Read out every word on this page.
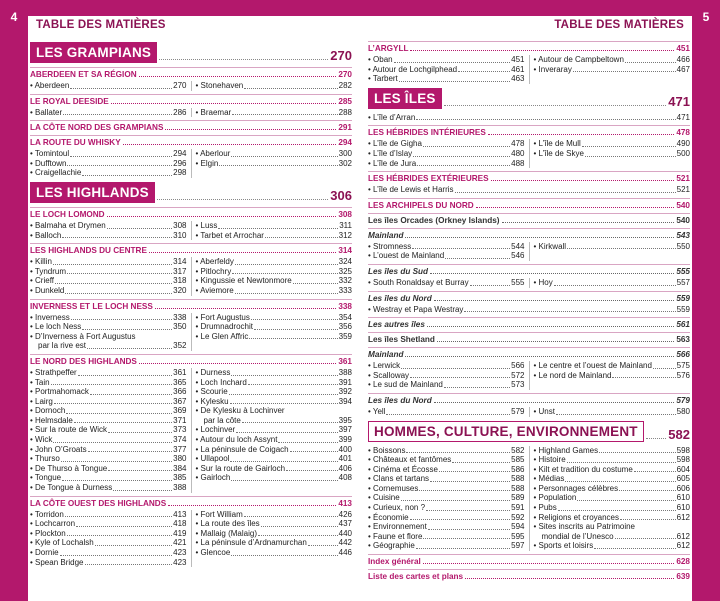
4
TABLE DES MATIÈRES
LES GRAMPIANS	270
ABERDEEN ET SA RÉGION	270
• Aberdeen	270 • Stonehaven	282
LE ROYAL DEESIDE	285
• Ballater	286 • Braemar	288
LA CÔTE NORD DES GRAMPIANS	291
LA ROUTE DU WHISKY	294
• Tomintoul	294
• Dufftown	296
• Craigellachie	298
• Aberlour	300
• Elgin	302
LES HIGHLANDS	306
LE LOCH LOMOND	308
• Balmaha et Drymen	308
• Balloch	310
• Luss	311
• Tarbet et Arrochar	312
LES HIGHLANDS DU CENTRE	314
• Killin	314
• Tyndrum	317
• Crieff	318
• Dunkeld	320
• Aberfeldy	324
• Pitlochry	325
• Kingussie et Newtonmore	332
• Aviemore	333
INVERNESS ET LE LOCH NESS	338
• Inverness	338
• Le loch Ness	350
• D’Inverness à Fort Augustus
par la rive est	352
• Fort Augustus	354
• Drumnadrochit	356
• Le Glen Affric	359
LE NORD DES HIGHLANDS	361
• Strathpeffer	361
• Tain	365
• Portmahomack	366
• Lairg	367
• Dornoch	369
• Helmsdale	371
• Sur la route de Wick	373
• Wick	374
• John O’Groats	377
• Thurso	380
• De Thurso à Tongue	384
• Tongue	385
• De Tongue à Durness	388
• Durness	388
• Loch Inchard	391
• Scourie	392
• Kylesku	394
• De Kylesku à Lochinver
par la côte	395
• Lochinver	397
• Autour du loch Assynt	399
• La péninsule de Coigach	400
• Ullapool	401
• Sur la route de Gairloch	406
• Gairloch	408
LA CÔTE OUEST DES HIGHLANDS	413
• Torridon	413
• Lochcarron	418
• Plockton	419
• Kyle of Lochalsh	421
• Dornie	423
• Spean Bridge	423
• Fort William	426
• La route des îles	437
• Mallaig (Malaig)	440
• La péninsule d’Ardnamurchan	442
• Glencoe	446
5
TABLE DES MATIÈRES
L’ARGYLL	451
• Oban	451
• Autour de Lochgilphead	461
• Tarbert	463
• Autour de Campbeltown	466
• Inveraray	467
LES ÎLES	471
• L’île d’Arran	471
LES HÉBRIDES INTÉRIEURES	478
• L’île de Gigha	478
• L’île d’Islay	480
• L’île de Jura	488
• L’île de Mull	490
• L’île de Skye	500
LES HÉBRIDES EXTÉRIEURES	521
• L’île de Lewis et Harris	521
LES ARCHIPELS DU NORD	540
Les îles Orcades (Orkney Islands)	540
Mainland	543
• Stromness	544
• L’ouest de Mainland	546
• Kirkwall	550
Les îles du Sud	555
• South Ronaldsay et Burray	555 • Hoy	557
Les îles du Nord	559
• Westray et Papa Westray	559
Les autres îles	561
Les îles Shetland	563
Mainland	566
• Lerwick	566
• Scalloway	572
• Le sud de Mainland	573
• Le centre et l’ouest de Mainland	575
• Le nord de Mainland	576
Les îles du Nord	579
• Yell	579 • Unst	580
HOMMES, CULTURE, ENVIRONNEMENT	582
• Boissons	582
• Châteaux et fantômes	585
• Cinéma et Écosse	586
• Clans et tartans	588
• Cornemuses	588
• Cuisine	589
• Curieux, non ?	591
• Économie	592
• Environnement	594
• Faune et flore	595
• Géographie	597
• Highland Games	598
• Histoire	598
• Kilt et tradition du costume	604
• Médias	605
• Personnages célèbres	606
• Population	610
• Pubs	610
• Religions et croyances	612
• Sites inscrits au Patrimoine
mondial de l’Unesco	612
• Sports et loisirs	612
Index général	628
Liste des cartes et plans	639
